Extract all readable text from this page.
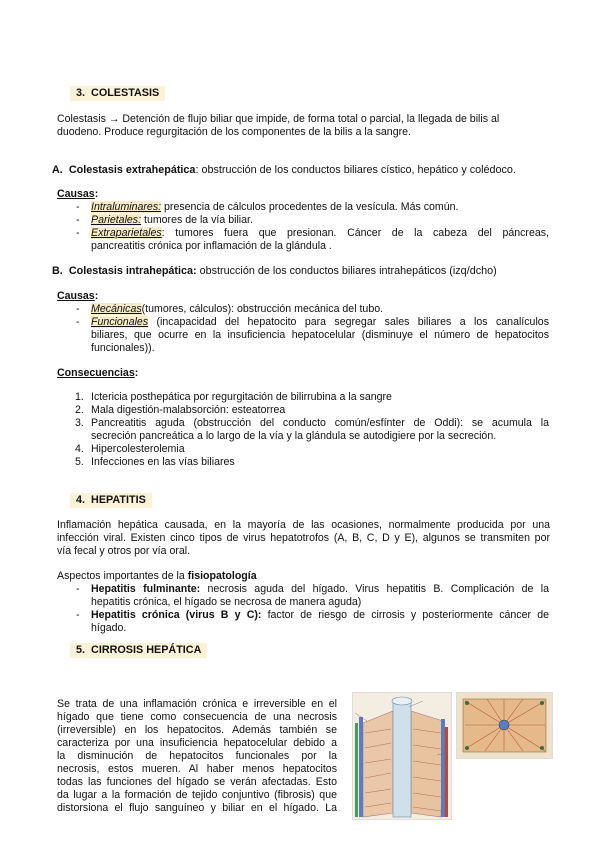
3. COLESTASIS
Colestasis → Detención de flujo biliar que impide, de forma total o parcial, la llegada de bilis al
duodeno. Produce regurgitación de los componentes de la bilis a la sangre.
A. Colestasis extrahepática: obstrucción de los conductos biliares cístico, hepático y colédoco.
Causas:
- Intraluminares: presencia de cálculos procedentes de la vesícula. Más común.
- Parietales: tumores de la vía biliar.
- Extraparietales: tumores fuera que presionan. Cáncer de la cabeza del páncreas,
pancreatitis crónica por inflamación de la glándula .
B. Colestasis intrahepática: obstrucción de los conductos biliares intrahepáticos (izq/dcho)
Causas:
- Mecánicas(tumores, cálculos): obstrucción mecánica del tubo.
- Funcionales (incapacidad del hepatocito para segregar sales biliares a los canalículos
biliares, que ocurre en la insuficiencia hepatocelular (disminuye el número de hepatocitos
funcionales)).
Consecuencias:
1. Ictericia posthepática por regurgitación de bilirrubina a la sangre
2. Mala digestión-malabsorción: esteatorrea
3. Pancreatitis aguda (obstrucción del conducto común/esfínter de Oddi): se acumula la
secreción pancreática a lo largo de la vía y la glándula se autodigiere por la secreción.
4. Hipercolesterolemia
5. Infecciones en las vías biliares
4. HEPATITIS
Inflamación hepática causada, en la mayoría de las ocasiones, normalmente producida por una
infección viral. Existen cinco tipos de virus hepatotrofos (A, B, C, D y E), algunos se transmiten por
vía fecal y otros por vía oral.
Aspectos importantes de la fisiopatología
- Hepatitis fulminante: necrosis aguda del hígado. Virus hepatitis B. Complicación de la
hepatitis crónica, el hígado se necrosa de manera aguda)
- Hepatitis crónica (virus B y C): factor de riesgo de cirrosis y posteriormente cáncer de
hígado.
5. CIRROSIS HEPÁTICA
Se trata de una inflamación crónica e irreversible en el
hígado que tiene como consecuencia de una necrosis
(irreversible) en los hepatocitos. Además también se
caracteriza por una insuficiencia hepatocelular debido a
la disminución de hepatocitos funcionales por la
necrosis, estos mueren. Al haber menos hepatocitos
todas las funciones del hígado se verán afectadas. Esto
da lugar a la formación de tejido conjuntivo (fibrosis) que
distorsiona el flujo sanguíneo y biliar en el hígado. La
